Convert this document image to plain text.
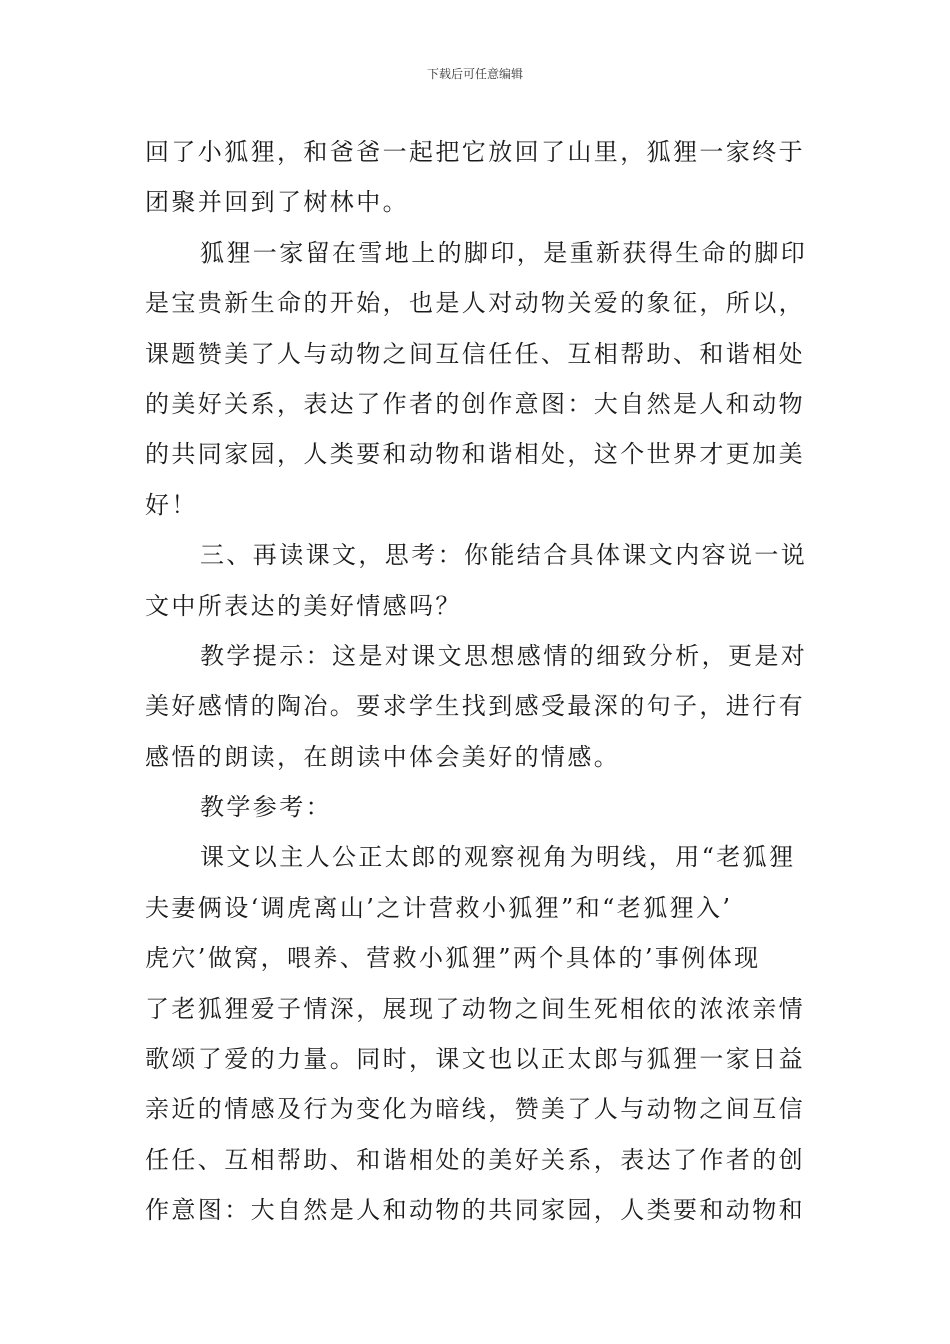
下载后可任意编辑
回了小狐狸，和爸爸一起把它放回了山里，狐狸一家终于
团聚并回到了树林中。
狐狸一家留在雪地上的脚印，是重新获得生命的脚印
是宝贵新生命的开始，也是人对动物关爱的象征，所以，
课题赞美了人与动物之间互信任任、互相帮助、和谐相处
的美好关系，表达了作者的创作意图：大自然是人和动物
的共同家园，人类要和动物和谐相处，这个世界才更加美
好！
三、再读课文，思考：你能结合具体课文内容说一说
文中所表达的美好情感吗？
教学提示：这是对课文思想感情的细致分析，更是对
美好感情的陶冶。要求学生找到感受最深的句子，进行有
感悟的朗读，在朗读中体会美好的情感。
教学参考：
课文以主人公正太郎的观察视角为明线，用“老狐狸
夫妻俩设‘调虎离山’之计营救小狐狸”和“老狐狸入’
虎穴’做窝，喂养、营救小狐狸”两个具体的’事例体现
了老狐狸爱子情深，展现了动物之间生死相依的浓浓亲情
歌颂了爱的力量。同时，课文也以正太郎与狐狸一家日益
亲近的情感及行为变化为暗线，赞美了人与动物之间互信
任任、互相帮助、和谐相处的美好关系，表达了作者的创
作意图：大自然是人和动物的共同家园，人类要和动物和
